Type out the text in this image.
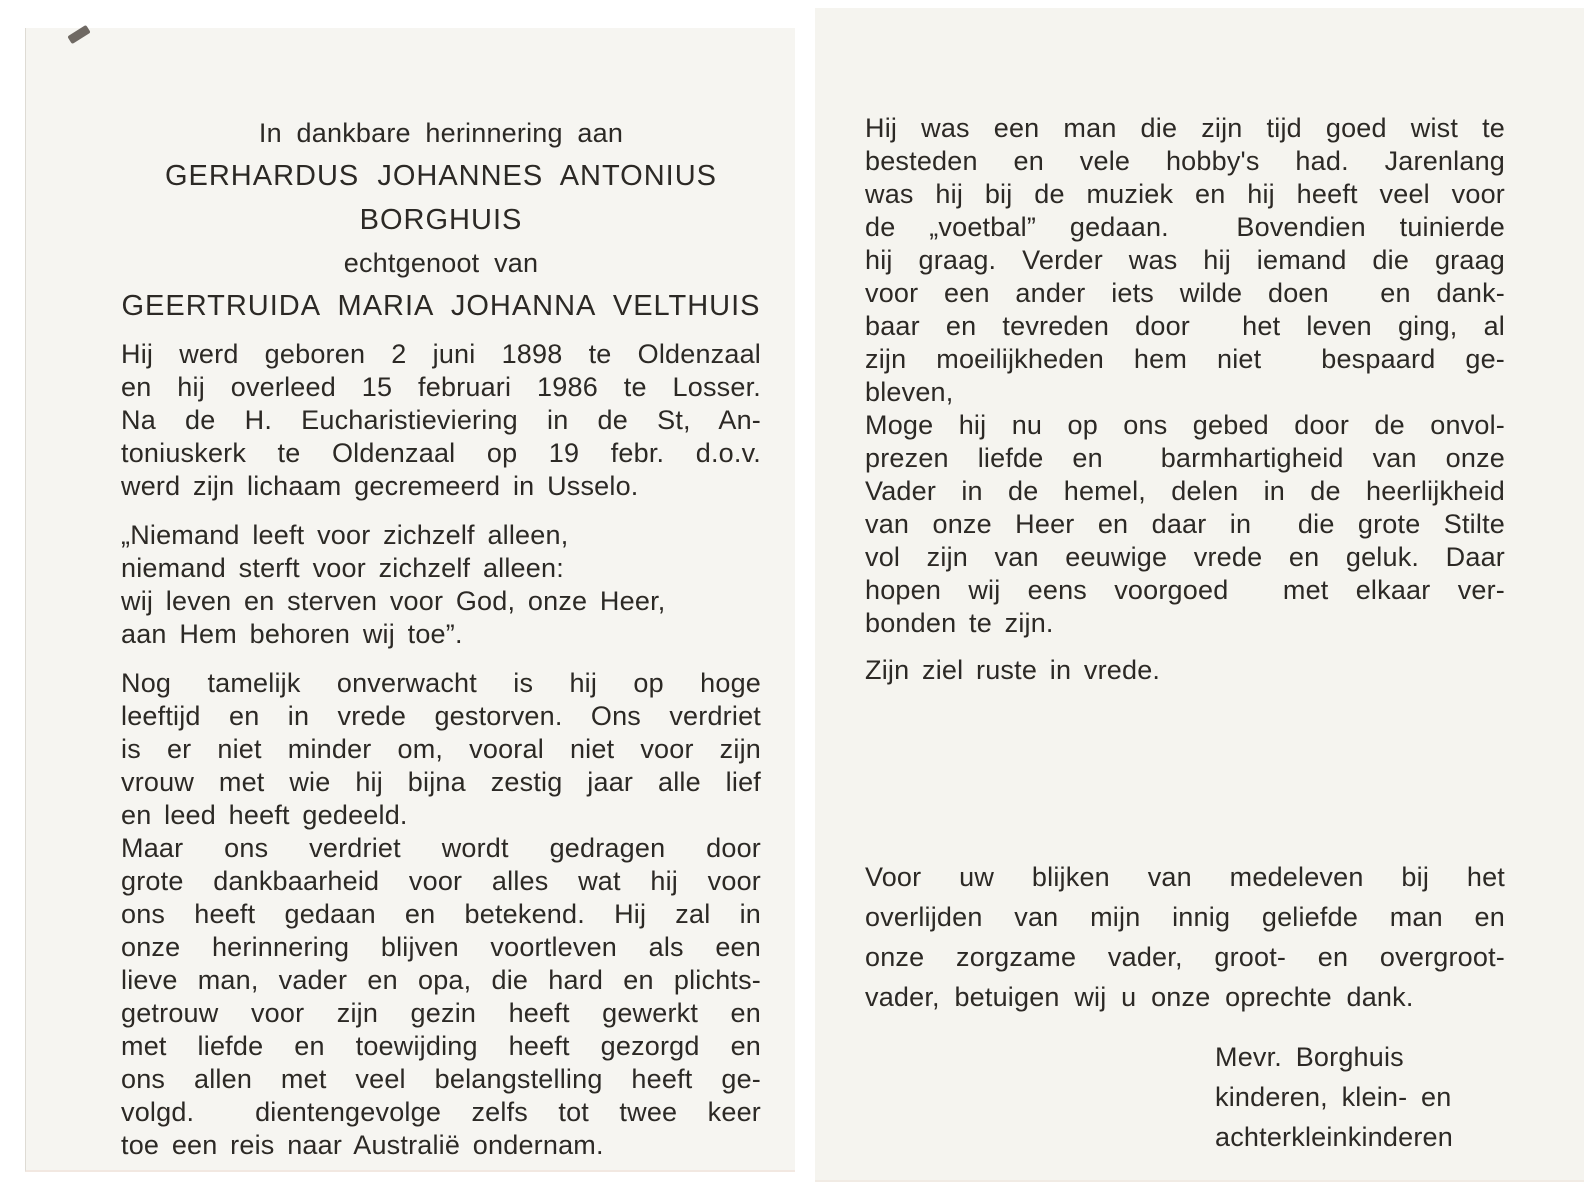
In dankbare herinnering aan
GERHARDUS JOHANNES ANTONIUS
BORGHUIS
echtgenoot van
GEERTRUIDA MARIA JOHANNA VELTHUIS
Hij werd geboren 2 juni 1898 te Oldenzaal
en hij overleed 15 februari 1986 te Losser.
Na de H. Eucharistieviering in de St, An-
toniuskerk te Oldenzaal op 19 febr. d.o.v.
werd zijn lichaam gecremeerd in Usselo.
„Niemand leeft voor zichzelf alleen,
niemand sterft voor zichzelf alleen:
wij leven en sterven voor God, onze Heer,
aan Hem behoren wij toe”.
Nog tamelijk onverwacht is hij op hoge
leeftijd en in vrede gestorven. Ons verdriet
is er niet minder om, vooral niet voor zijn
vrouw met wie hij bijna zestig jaar alle lief
en leed heeft gedeeld.
Maar ons verdriet wordt gedragen door
grote dankbaarheid voor alles wat hij voor
ons heeft gedaan en betekend. Hij zal in
onze herinnering blijven voortleven als een
lieve man, vader en opa, die hard en plichts-
getrouw voor zijn gezin heeft gewerkt en
met liefde en toewijding heeft gezorgd en
ons allen met veel belangstelling heeft ge-
volgd.  dientengevolge zelfs tot twee keer
toe een reis naar Australië ondernam.
Hij was een man die zijn tijd goed wist te
besteden en vele hobby's had. Jarenlang
was hij bij de muziek en hij heeft veel voor
de „voetbal” gedaan.  Bovendien tuinierde
hij graag. Verder was hij iemand die graag
voor een ander iets wilde doen  en dank-
baar en tevreden door  het leven ging, al
zijn moeilijkheden hem niet  bespaard ge-
bleven,
Moge hij nu op ons gebed door de onvol-
prezen liefde en  barmhartigheid van onze
Vader in de hemel, delen in de heerlijkheid
van onze Heer en daar in  die grote Stilte
vol zijn van eeuwige vrede en geluk. Daar
hopen wij eens voorgoed  met elkaar ver-
bonden te zijn.
Zijn ziel ruste in vrede.
Voor uw blijken van medeleven bij het
overlijden van mijn innig geliefde man en
onze zorgzame vader, groot- en overgroot-
vader, betuigen wij u onze oprechte dank.
Mevr. Borghuis
kinderen, klein- en
achterkleinkinderen
